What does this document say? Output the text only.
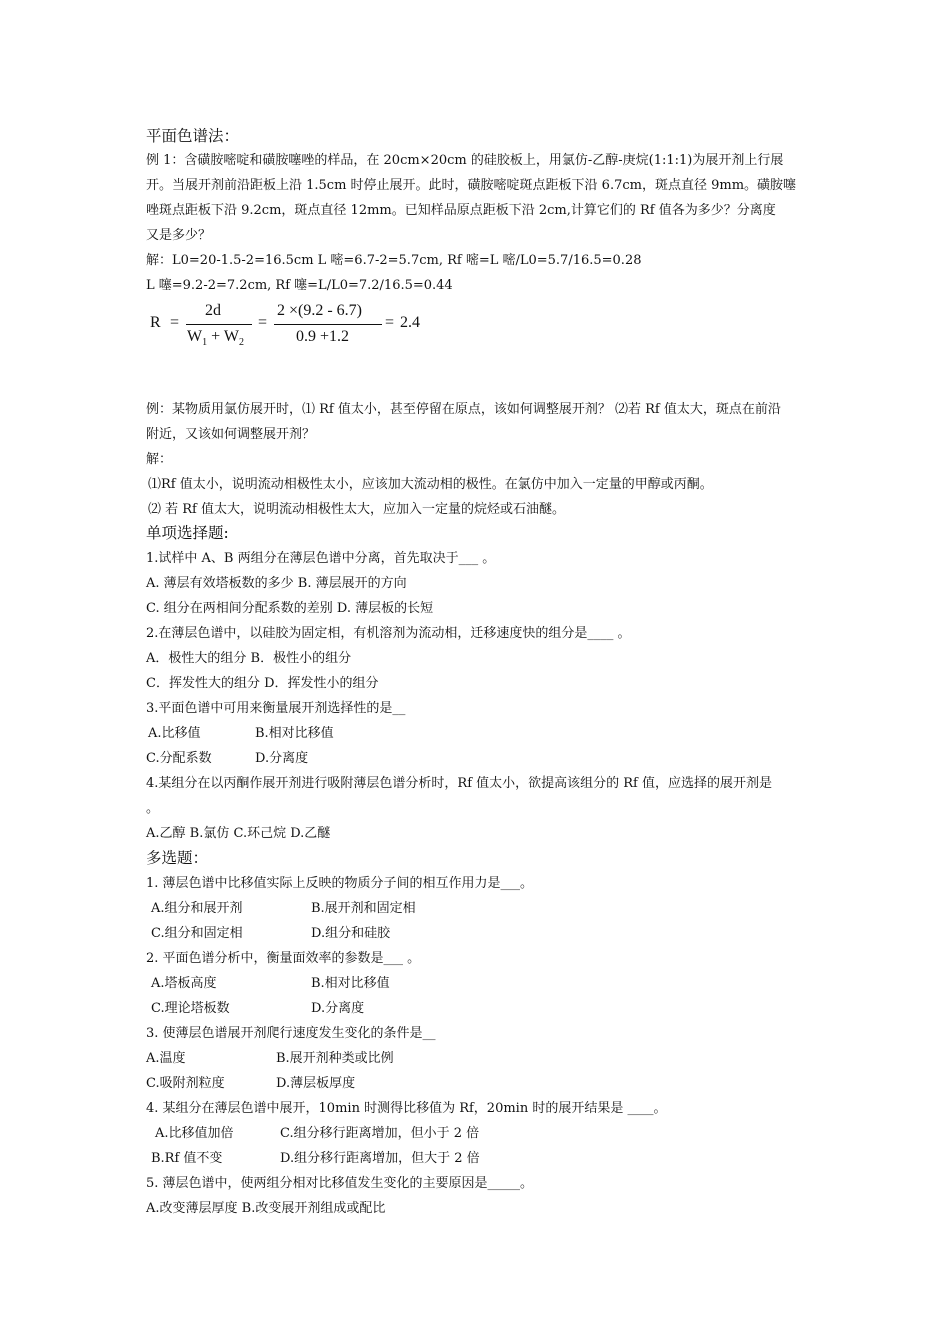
平面色谱法：
例 1：含磺胺嘧啶和磺胺噻唑的样品，在 20cm×20cm 的硅胶板上，用氯仿-乙醇-庚烷(1:1:1)为展开剂上行展
开。当展开剂前沿距板上沿 1.5cm 时停止展开。此时，磺胺嘧啶斑点距板下沿 6.7cm，斑点直径 9mm。磺胺噻
唑斑点距板下沿 9.2cm，斑点直径 12mm。已知样品原点距板下沿 2cm,计算它们的 Rf 值各为多少？分离度
又是多少？
解：L0=20-1.5-2=16.5cm L 嘧=6.7-2=5.7cm, Rf 嘧=L 嘧/L0=5.7/16.5=0.28
L 噻=9.2-2=7.2cm, Rf 噻=L/L0=7.2/16.5=0.44
R =
2d
$W_1 + W_2$
=
2 ×(9.2 - 6.7)
0.9 +1.2
= 2.4
例：某物质用氯仿展开时，⑴ Rf 值太小，甚至停留在原点，该如何调整展开剂？ ⑵若 Rf 值太大，斑点在前沿
附近，又该如何调整展开剂？
解：
⑴Rf 值太小，说明流动相极性太小，应该加大流动相的极性。在氯仿中加入一定量的甲醇或丙酮。
⑵ 若 Rf 值太大，说明流动相极性太大，应加入一定量的烷烃或石油醚。
单项选择题:
1.试样中 A、B 两组分在薄层色谱中分离，首先取决于___ 。
A. 薄层有效塔板数的多少 B. 薄层展开的方向
C. 组分在两相间分配系数的差别 D. 薄层板的长短
2.在薄层色谱中，以硅胶为固定相，有机溶剂为流动相，迁移速度快的组分是____ 。
A．极性大的组分 B．极性小的组分
C．挥发性大的组分 D．挥发性小的组分
3.平面色谱中可用来衡量展开剂选择性的是__
A.比移值	B.相对比移值
C.分配系数	D.分离度
4.某组分在以丙酮作展开剂进行吸附薄层色谱分析时，Rf 值太小，欲提高该组分的 Rf 值，应选择的展开剂是
。
A.乙醇 B.氯仿 C.环己烷 D.乙醚
多选题：
1. 薄层色谱中比移值实际上反映的物质分子间的相互作用力是___。
A.组分和展开剂	B.展开剂和固定相
C.组分和固定相	D.组分和硅胶
2. 平面色谱分析中，衡量面效率的参数是___ 。
A.塔板高度	B.相对比移值
C.理论塔板数	D.分离度
3. 使薄层色谱展开剂爬行速度发生变化的条件是__
A.温度	B.展开剂种类或比例
C.吸附剂粒度	D.薄层板厚度
4. 某组分在薄层色谱中展开，10min 时测得比移值为 Rf，20min 时的展开结果是 ____。
A.比移值加倍	C.组分移行距离增加，但小于 2 倍
B.Rf 值不变	D.组分移行距离增加，但大于 2 倍
5. 薄层色谱中，使两组分相对比移值发生变化的主要原因是_____。
A.改变薄层厚度 B.改变展开剂组成或配比
